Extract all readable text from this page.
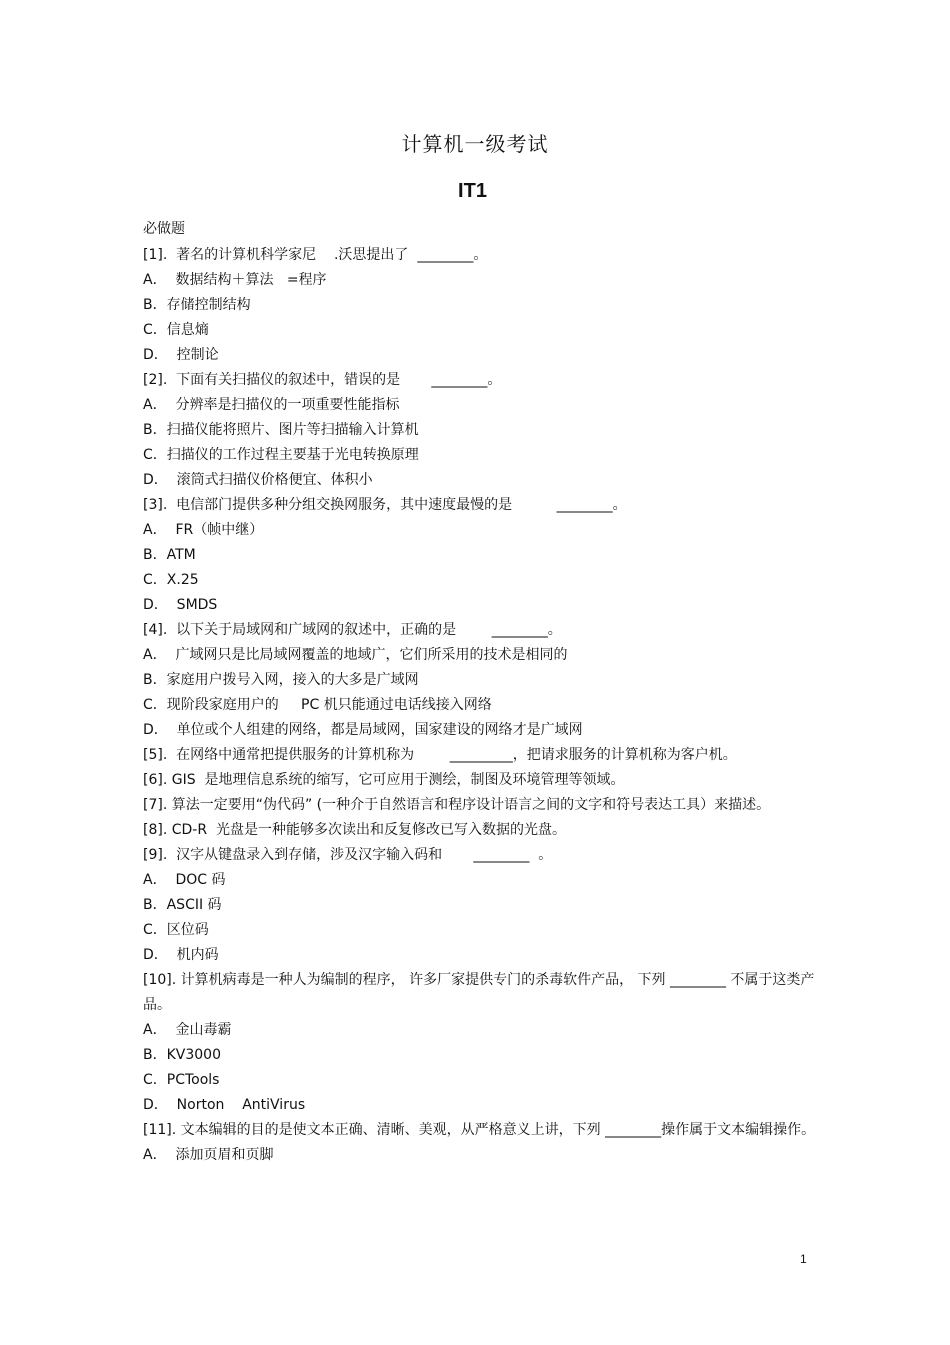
计算机一级考试
IT1
必做题
[1].  著名的计算机科学家尼    .沃思提出了  ________。
A．  数据结构＋算法   =程序
B．存储控制结构
C．信息熵
D．  控制论
[2].  下面有关扫描仪的叙述中，错误的是       ________。
A．  分辨率是扫描仪的一项重要性能指标
B．扫描仪能将照片、图片等扫描输入计算机
C．扫描仪的工作过程主要基于光电转换原理
D．  滚筒式扫描仪价格便宜、体积小
[3].  电信部门提供多种分组交换网服务，其中速度最慢的是          ________。
A．  FR（帧中继）
B．ATM
C．X.25
D．  SMDS
[4].  以下关于局域网和广域网的叙述中，正确的是        ________。
A．  广域网只是比局域网覆盖的地域广，它们所采用的技术是相同的
B．家庭用户拨号入网，接入的大多是广域网
C．现阶段家庭用户的     PC 机只能通过电话线接入网络
D．  单位或个人组建的网络，都是局域网，国家建设的网络才是广域网
[5].  在网络中通常把提供服务的计算机称为        _________，把请求服务的计算机称为客户机。
[6]. GIS  是地理信息系统的缩写，它可应用于测绘，制图及环境管理等领域。
[7]. 算法一定要用“伪代码” (一种介于自然语言和程序设计语言之间的文字和符号表达工具）来描述。
[8]. CD-R  光盘是一种能够多次读出和反复修改已写入数据的光盘。
[9].  汉字从键盘录入到存储，涉及汉字输入码和       ________  。
A．  DOC 码
B．ASCII 码
C．区位码
D．  机内码
[10]. 计算机病毒是一种人为编制的程序， 许多厂家提供专门的杀毒软件产品， 下列 ________ 不属于这类产品。
A．  金山毒霸
B．KV3000
C．PCTools
D．  Norton    AntiVirus
[11]. 文本编辑的目的是使文本正确、清晰、美观，从严格意义上讲，下列 ________操作属于文本编辑操作。
A．  添加页眉和页脚
1
